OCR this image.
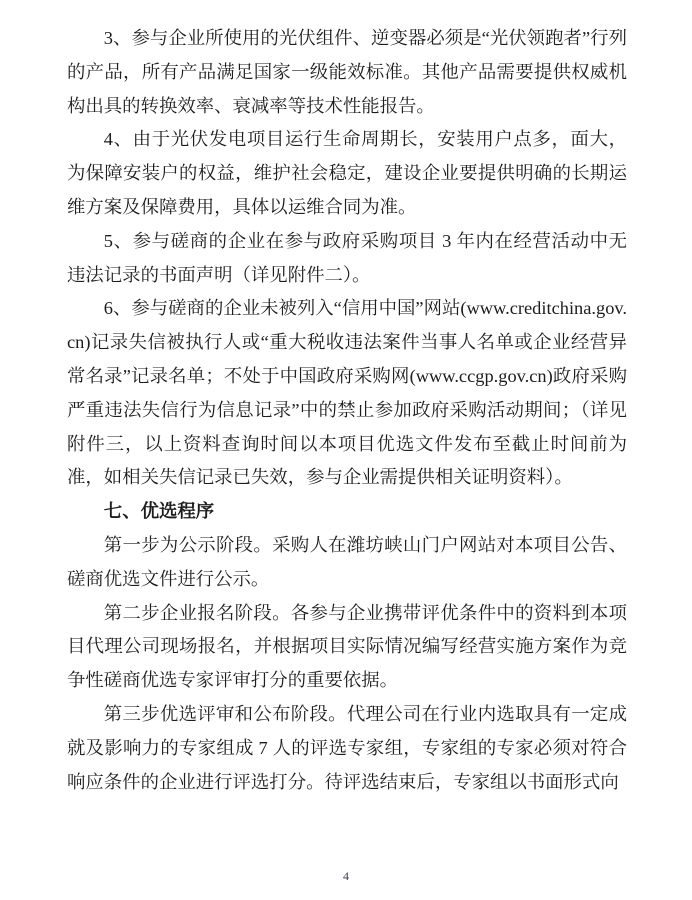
3、参与企业所使用的光伏组件、逆变器必须是“光伏领跑者”行列的产品，所有产品满足国家一级能效标准。其他产品需要提供权威机构出具的转换效率、衰减率等技术性能报告。

4、由于光伏发电项目运行生命周期长，安装用户点多，面大，为保障安装户的权益，维护社会稳定，建设企业要提供明确的长期运维方案及保障费用，具体以运维合同为准。

5、参与磋商的企业在参与政府采购项目 3 年内在经营活动中无违法记录的书面声明（详见附件二）。

6、参与磋商的企业未被列入“信用中国”网站(www.creditchina.gov.cn)记录失信被执行人或“重大税收违法案件当事人名单或企业经营异常名录”记录名单；不处于中国政府采购网(www.ccgp.gov.cn)政府采购严重违法失信行为信息记录”中的禁止参加政府采购活动期间；（详见附件三，以上资料查询时间以本项目优选文件发布至截止时间前为准，如相关失信记录已失效，参与企业需提供相关证明资料）。

七、优选程序

第一步为公示阶段。采购人在潍坊峡山门户网站对本项目公告、磋商优选文件进行公示。

第二步企业报名阶段。各参与企业携带评优条件中的资料到本项目代理公司现场报名，并根据项目实际情况编写经营实施方案作为竞争性磋商优选专家评审打分的重要依据。

第三步优选评审和公布阶段。代理公司在行业内选取具有一定成就及影响力的专家组成 7 人的评选专家组，专家组的专家必须对符合响应条件的企业进行评选打分。待评选结束后，专家组以书面形式向

4
